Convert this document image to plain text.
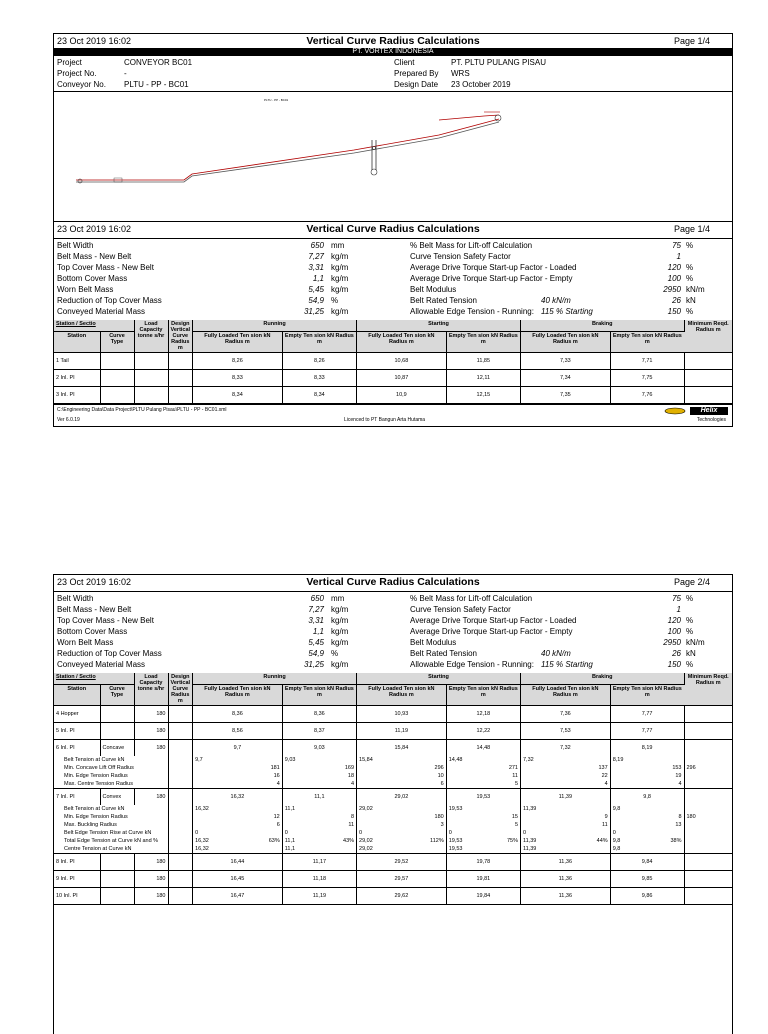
23 Oct 2019 16:02	Vertical Curve Radius Calculations	Page 1/4
PT. VORTEX INDONESIA
Project	CONVEYOR BC01
Project No.	-
Conveyor No. PLTU - PP - BC01
Client	PT. PLTU PULANG PISAU
Prepared By WRS
Design Date 23 October 2019
PLTU - PP - BC01
23 Oct 2019 16:02	Vertical Curve Radius Calculations	Page 1/4
Belt Width	650 mm
Belt Mass - New Belt	7,27 kg/m
Top Cover Mass - New Belt	3,31 kg/m
Bottom Cover Mass	1,1 kg/m
Worn Belt Mass	5,45 kg/m
Reduction of Top Cover Mass	54,9 %
Conveyed Material Mass	31,25 kg/m
% Belt Mass for Lift-off Calculation	75 %
Curve Tension Safety Factor	1
Average Drive Torque Start-up Factor - Loaded	120 %
Average Drive Torque Start-up Factor - Empty	100 %
Belt Modulus	2950 kN/m
Belt Rated Tension	40 kN/m	26 kN
Allowable Edge Tension - Running: 115 % Starting	150 %
Station / Sectio		Load Capacity tonne s/hr	Design Vertical Curve Radius m	Running		Starting		Braking		Minimum Reqd. Radius m
Station	Curve Type			Fully Loaded Ten sion kN Radius m	Empty Ten sion kN Radius m	Fully Loaded Ten sion kN Radius m	Empty Ten sion kN Radius m	Fully Loaded Ten sion kN Radius m	Empty Ten sion kN Radius m	
1 Tail				8,26	8,26	10,68	11,85	7,33	7,71	
2 Inl. PI				8,33	8,33	10,87	12,11	7,34	7,75	
3 Inl. PI				8,34	8,34	10,9	12,15	7,35	7,76	
C:\Engineering Data\Data Project\PLTU Pulang Pisau\PLTU - PP - BC01.xml
Ver 6.0.19	Licenced to PT Bangun Arta Hutama
Helix
Technologies
23 Oct 2019 16:02	Vertical Curve Radius Calculations	Page 2/4
Belt Width	650 mm
Belt Mass - New Belt	7,27 kg/m
Top Cover Mass - New Belt	3,31 kg/m
Bottom Cover Mass	1,1 kg/m
Worn Belt Mass	5,45 kg/m
Reduction of Top Cover Mass	54,9 %
Conveyed Material Mass	31,25 kg/m
% Belt Mass for Lift-off Calculation	75 %
Curve Tension Safety Factor	1
Average Drive Torque Start-up Factor - Loaded	120 %
Average Drive Torque Start-up Factor - Empty	100 %
Belt Modulus	2950 kN/m
Belt Rated Tension	40 kN/m	26 kN
Allowable Edge Tension - Running: 115 % Starting	150 %
Station / Sectio		Load Capacity tonne s/hr	Design Vertical Curve Radius m	Running		Starting		Braking		Minimum Reqd. Radius m
Station	Curve Type			Fully Loaded Ten sion kN Radius m	Empty Ten sion kN Radius m	Fully Loaded Ten sion kN Radius m	Empty Ten sion kN Radius m	Fully Loaded Ten sion kN Radius m	Empty Ten sion kN Radius m	
4 Hopper		180		8,36	8,36	10,93	12,18	7,36	7,77	
5 Inl. PI		180		8,56	8,37	11,19	12,22	7,53	7,77	
6 Inl. PI	Concave	180		9,7	9,03	15,84	14,48	7,32	8,19	
Belt Tension at Curve kN				9,7	9,03	15,84	14,48	7,32	8,19	

Min. Concave Lift Off Radius				181	169	296	271	137	153	296
Min. Edge Tension Radius				16	18	10	11	22	19	

Max. Centre Tension Radius				4	4	6	5	4	4	

7 Inl. PI	Convex	180		16,32	11,1	29,02	19,53	11,39	9,8	
Belt Tension at Curve kN				16,32	11,1	29,02	19,53	11,39	9,8	

Min. Edge Tension Radius				12	8	180	15	9	8	180
Max. Buckling Radius				6	11	3	5	11	13	

Belt Edge Tension Rise at Curve kN				0	0	0	0	0	0	

Total Edge Tension at Curve kN and %				16,32 63%	11,1 43%	29,02 112%	19,53 75%	11,39 44%	9,8 38%	

Centre Tension at Curve kN				16,32	11,1	29,02	19,53	11,39	9,8	

8 Inl. PI		180		16,44	11,17	29,52	19,78	11,36	9,84	
9 Inl. PI		180		16,45	11,18	29,57	19,81	11,36	9,85	
10 Inl. PI		180		16,47	11,19	29,62	19,84	11,36	9,86	
